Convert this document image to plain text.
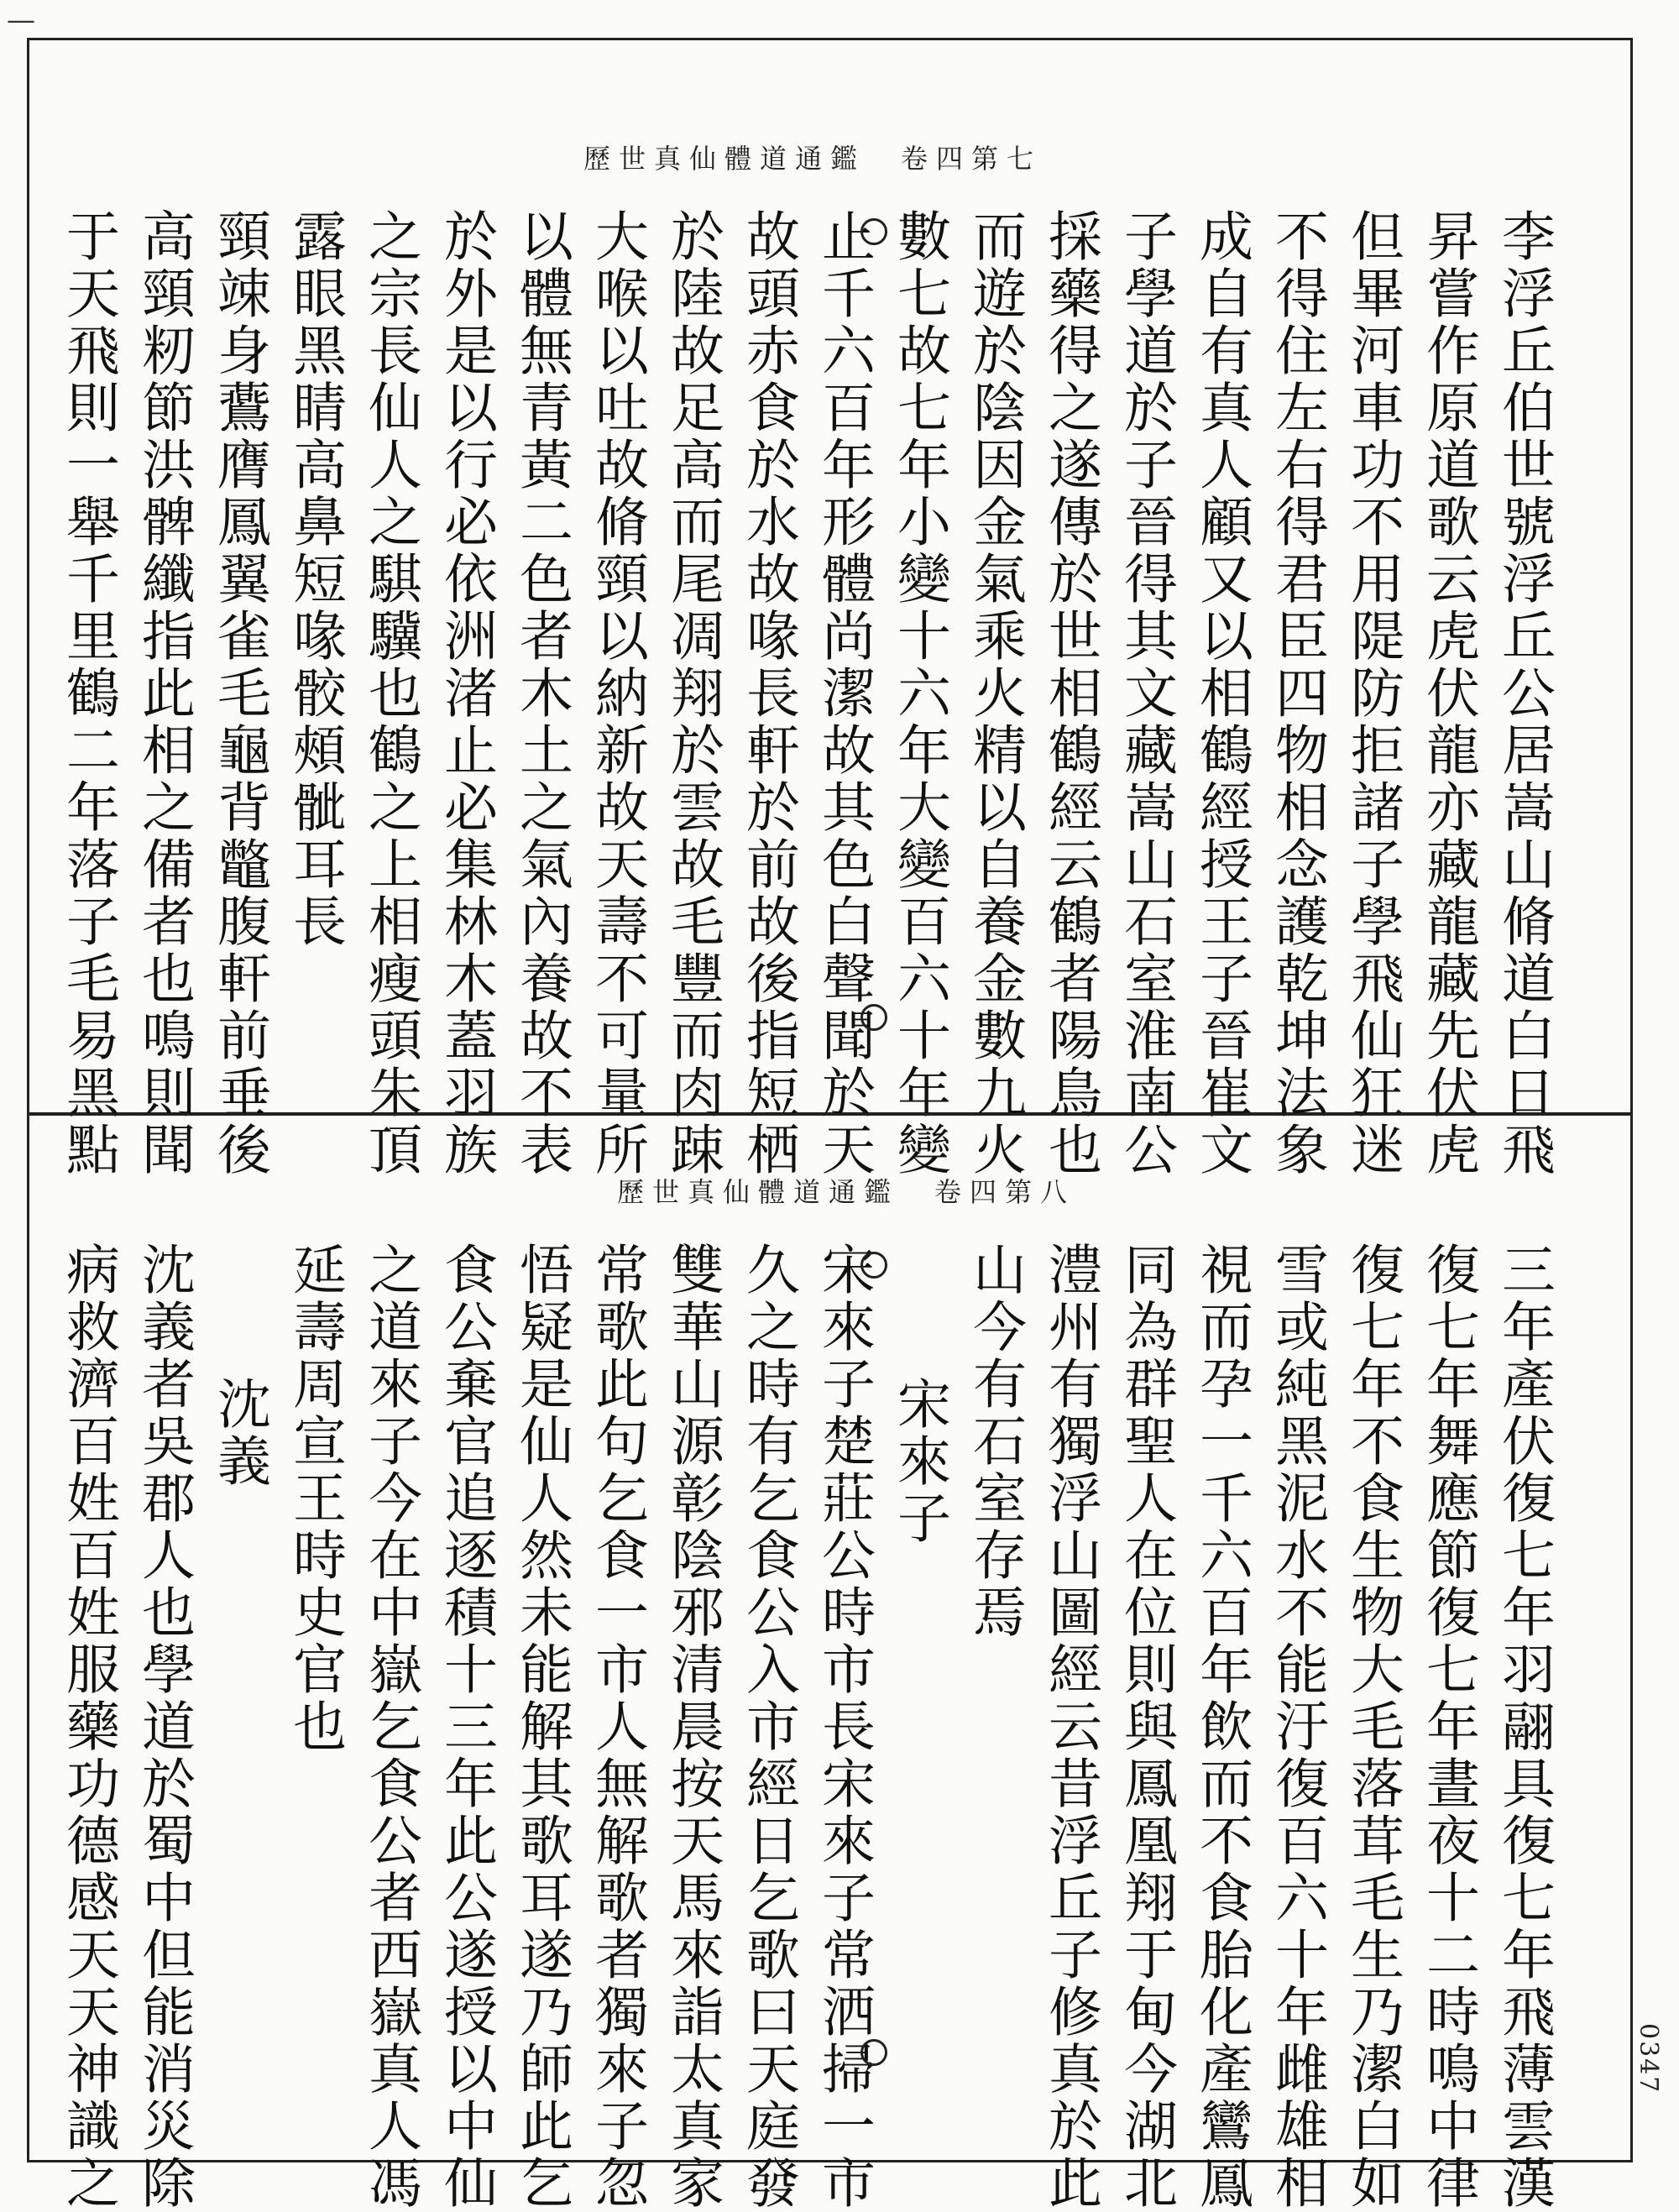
—
歷世真仙體道通鑑　卷四第七
李浮丘伯世號浮丘公居嵩山脩道白日飛
昇嘗作原道歌云虎伏龍亦藏龍藏先伏虎
但畢河車功不用隄防拒諸子學飛仙狂迷
不得住左右得君臣四物相念護乾坤法象
成自有真人顧又以相鶴經授王子晉崔文
子學道於子晉得其文藏嵩山石室淮南公
採藥得之遂傳於世相鶴經云鶴者陽鳥也
而遊於陰因金氣乘火精以自養金數九火
數七故七年小變十六年大變百六十年變
止千六百年形體尚潔故其色白聲聞於天
故頭赤食於水故喙長軒於前故後指短栖
於陸故足高而尾凋翔於雲故毛豐而肉踈
大喉以吐故脩頸以納新故天壽不可量所
以體無青黃二色者木土之氣內養故不表
於外是以行必依洲渚止必集林木蓋羽族
之宗長仙人之騏驥也鶴之上相瘦頭朱頂
露眼黑睛高鼻短喙骹頰骴耳長
頸竦身鷰膺鳳翼雀毛龜背鼈腹軒前垂後
高頸籾節洪髀纖指此相之備者也鳴則聞
于天飛則一舉千里鶴二年落子毛易黑點
歷世真仙體道通鑑　卷四第八
三年產伏復七年羽翮具復七年飛薄雲漢
復七年舞應節復七年晝夜十二時鳴中律
復七年不食生物大毛落茸毛生乃潔白如
雪或純黑泥水不能汙復百六十年雌雄相
視而孕一千六百年飲而不食胎化產鸞鳳
同為群聖人在位則與鳳凰翔于甸今湖北
澧州有獨浮山圖經云昔浮丘子修真於此
山今有石室存焉
宋來子
宋來子楚莊公時市長宋來子常洒掃一市
久之時有乞食公入市經日乞歌曰天庭發
雙華山源彰陰邪清晨按天馬來詣太真家
常歌此句乞食一市人無解歌者獨來子忽
悟疑是仙人然未能解其歌耳遂乃師此乞
食公棄官追逐積十三年此公遂授以中仙
之道來子今在中嶽乞食公者西嶽真人馮
延壽周宣王時史官也
沈義
沈義者吳郡人也學道於蜀中但能消災除
病救濟百姓百姓服藥功德感天天神識之	0347
